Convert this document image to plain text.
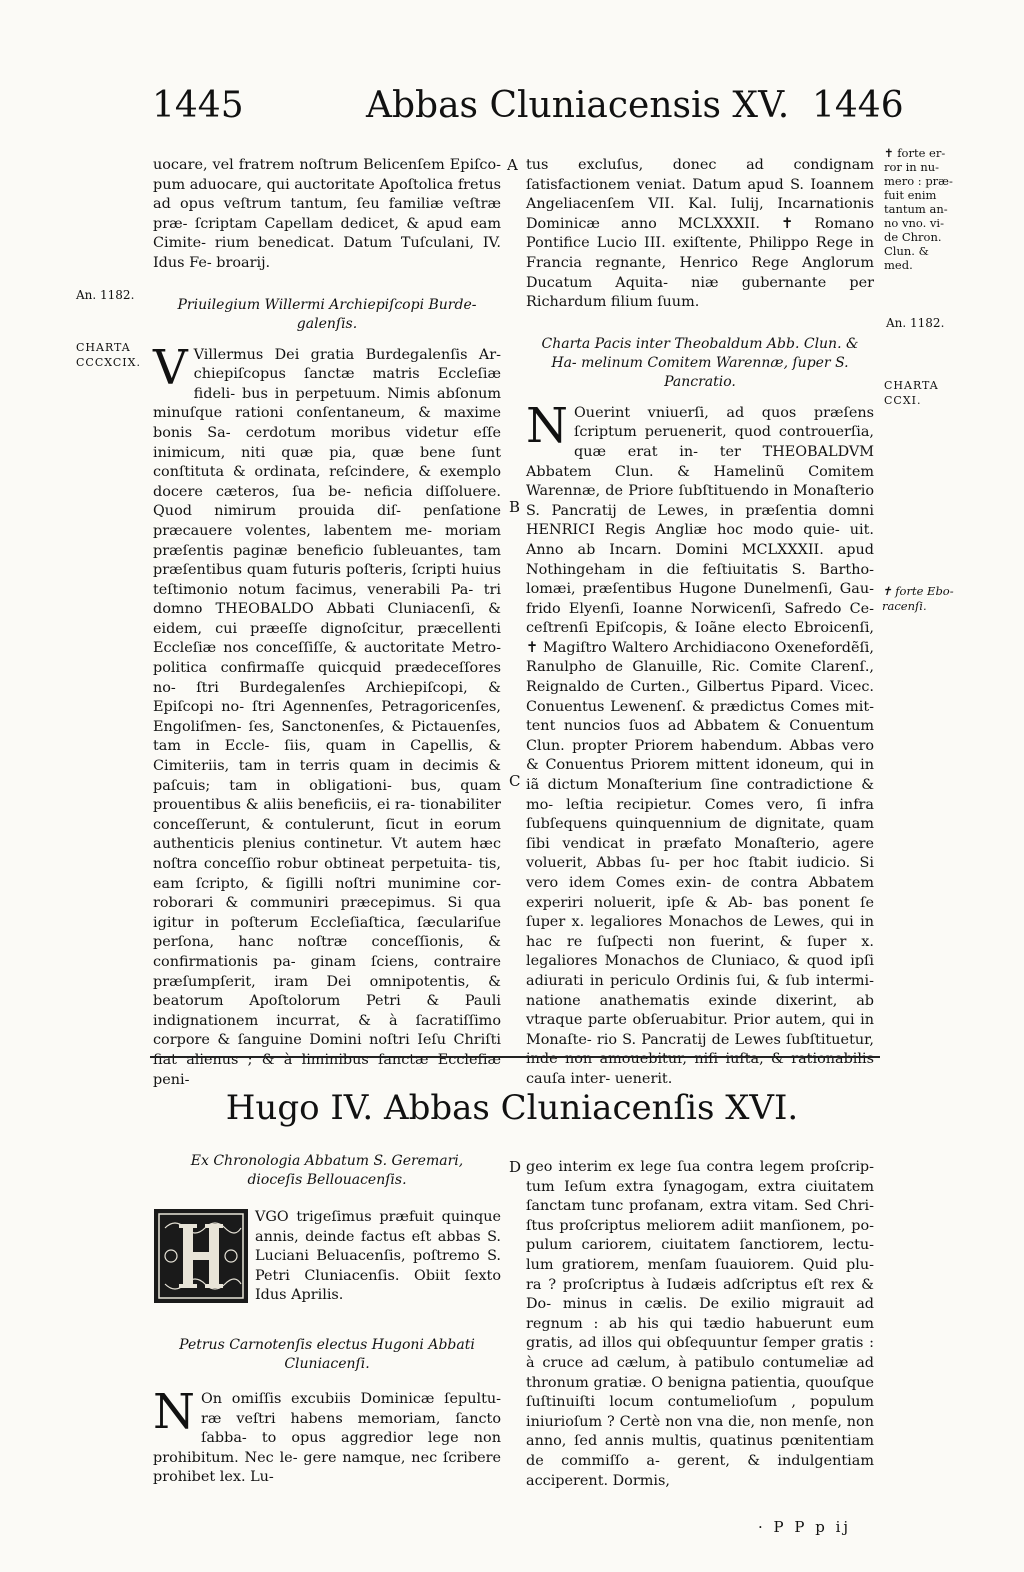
1445	Abbas Cluniacensis XV. 1446
An. 1182.
CHARTA CCCXCIX.

uocare, vel fratrem noſtrum Belicenſem Epiſco- pum aduocare, qui auctoritate Apoſtolica fretus ad opus veſtrum tantum, ſeu familiæ veſtræ præ- ſcriptam Capellam dedicet, & apud eam Cimite- rium benedicat. Datum Tuſculani, IV. Idus Fe- broarij.

Priuilegium Willermi Archiepiſcopi Burde- galenſis.

V Villermus Dei gratia Burdegalenſis Ar- chiepiſcopus ſanctæ matris Eccleſiæ fideli- bus in perpetuum. Nimis abſonum minuſque rationi conſentaneum, & maxime bonis Sa- cerdotum moribus videtur eſſe inimicum, niti quæ pia, quæ bene ſunt conſtituta & ordinata, reſcindere, & exemplo docere cæteros, ſua be- neficia diſſoluere. Quod nimirum prouida diſ- penſatione præcauere volentes, labentem me- moriam præſentis paginæ beneficio ſubleuantes, tam præſentibus quam futuris poſteris, ſcripti huius teſtimonio notum facimus, venerabili Pa- tri domno THEOBALDO Abbati Cluniacenſi, & eidem, cui præeſſe dignoſcitur, præcellenti Eccleſiæ nos conceſſiſſe, & auctoritate Metro- politica confirmaſſe quicquid prædeceſſores no- ſtri Burdegalenſes Archiepiſcopi, & Epiſcopi no- ſtri Agennenſes, Petragoricenſes, Engoliſmen- ſes, Sanctonenſes, & Pictauenſes, tam in Eccle- ſiis, quam in Capellis, & Cimiteriis, tam in terris quam in decimis & paſcuis; tam in obligationi- bus, quam prouentibus & aliis beneficiis, ei ra- tionabiliter conceſſerunt, & contulerunt, ſicut in eorum authenticis plenius continetur. Vt autem hæc noſtra conceſſio robur obtineat perpetuita- tis, eam ſcripto, & ſigilli noſtri munimine cor- roborari & communiri præcepimus. Si qua igitur in poſterum Eccleſiaſtica, ſæculariſue perſona, hanc noſtræ conceſſionis, & confirmationis pa- ginam ſciens, contraire præſumpſerit, iram Dei omnipotentis, & beatorum Apoſtolorum Petri & Pauli indignationem incurrat, & à ſacratiſſimo corpore & ſanguine Domini noſtri Ieſu Chriſti fiat alienus ; & à liminibus ſanctæ Eccleſiæ peni-

A
B
C
D

tus excluſus, donec ad condignam ſatisfactionem veniat. Datum apud S. Ioannem Angeliacenſem VII. Kal. Iulij, Incarnationis Dominicæ anno MCLXXXII. ✝ Romano Pontifice Lucio III. exiſtente, Philippo Rege in Francia regnante, Henrico Rege Anglorum Ducatum Aquita- niæ gubernante per Richardum filium ſuum.

Charta Pacis inter Theobaldum Abb. Clun. & Ha- melinum Comitem Warennæ, ſuper S. Pancratio.

N Ouerint vniuerſi, ad quos præſens ſcriptum peruenerit, quod controuerſia, quæ erat in- ter THEOBALDVM Abbatem Clun. & Hamelinũ Comitem Warennæ, de Priore ſubſtituendo in Monaſterio S. Pancratij de Lewes, in præſentia domni HENRICI Regis Angliæ hoc modo quie- uit. Anno ab Incarn. Domini MCLXXXII. apud Nothingeham in die feſtiuitatis S. Bartho- lomæi, præſentibus Hugone Dunelmenſi, Gau- frido Elyenſi, Ioanne Norwicenſi, Safredo Ce- ceſtrenſi Epiſcopis, & Ioãne electo Ebroicenſi, ✝ Magiſtro Waltero Archidiacono Oxenefordẽſi, Ranulpho de Glanuille, Ric. Comite Clarenſ., Reignaldo de Curten., Gilbertus Pipard. Vicec. Conuentus Lewenenſ. & prædictus Comes mit- tent nuncios ſuos ad Abbatem & Conuentum Clun. propter Priorem habendum. Abbas vero & Conuentus Priorem mittent idoneum, qui in iã dictum Monaſterium ſine contradictione & mo- leſtia recipietur. Comes vero, ſi infra ſubſequens quinquennium de dignitate, quam ſibi vendicat in præfato Monaſterio, agere voluerit, Abbas ſu- per hoc ſtabit iudicio. Si vero idem Comes exin- de contra Abbatem experiri noluerit, ipſe & Ab- bas ponent ſe ſuper x. legaliores Monachos de Lewes, qui in hac re ſuſpecti non fuerint, & ſuper x. legaliores Monachos de Cluniaco, & quod ipſi adiurati in periculo Ordinis ſui, & ſub intermi- natione anathematis exinde dixerint, ab vtraque parte obſeruabitur. Prior autem, qui in Monaſte- rio S. Pancratij de Lewes ſubſtituetur, inde non amouebitur, niſi iuſta, & rationabilis cauſa inter- uenerit.

✝ forte er- ror in nu- mero : præ- fuit enim tantum an- no vno. vi- de Chron. Clun. & med.
An. 1182.
CHARTA CCXI.
✝ forte Ebo- racenſi.
Hugo IV. Abbas Cluniacenſis XVI.
Ex Chronologia Abbatum S. Geremari, dioceſis Bellouacenſis.

VGO trigeſimus præfuit quinque annis, deinde factus eſt abbas S. Luciani Beluacenſis, poſtremo S. Petri Cluniacenſis. Obiit ſexto Idus Aprilis.

Petrus Carnotenſis electus Hugoni Abbati Cluniacenſi.

N On omiſſis excubiis Dominicæ ſepultu- ræ veſtri habens memoriam, ſancto ſabba- to opus aggredior lege non prohibitum. Nec le- gere namque, nec ſcribere prohibet lex. Lu-

geo interim ex lege ſua contra legem proſcrip- tum Ieſum extra ſynagogam, extra ciuitatem ſanctam tunc profanam, extra vitam. Sed Chri- ſtus proſcriptus meliorem adiit manſionem, po- pulum cariorem, ciuitatem ſanctiorem, lectu- lum gratiorem, menſam ſuauiorem. Quid plu- ra ? proſcriptus à Iudæis adſcriptus eſt rex & Do- minus in cælis. De exilio migrauit ad regnum : ab his qui tædio habuerunt eum gratis, ad illos qui obſequuntur ſemper gratis : à cruce ad cælum, à patibulo contumeliæ ad thronum gratiæ. O benigna patientia, quouſque ſuſtinuiſti locum contumelioſum , populum iniurioſum ? Certè non vna die, non menſe, non anno, ſed annis multis, quatinus pœnitentiam de commiſſo a- gerent, & indulgentiam acciperent. Dormis,

· P P p ij
